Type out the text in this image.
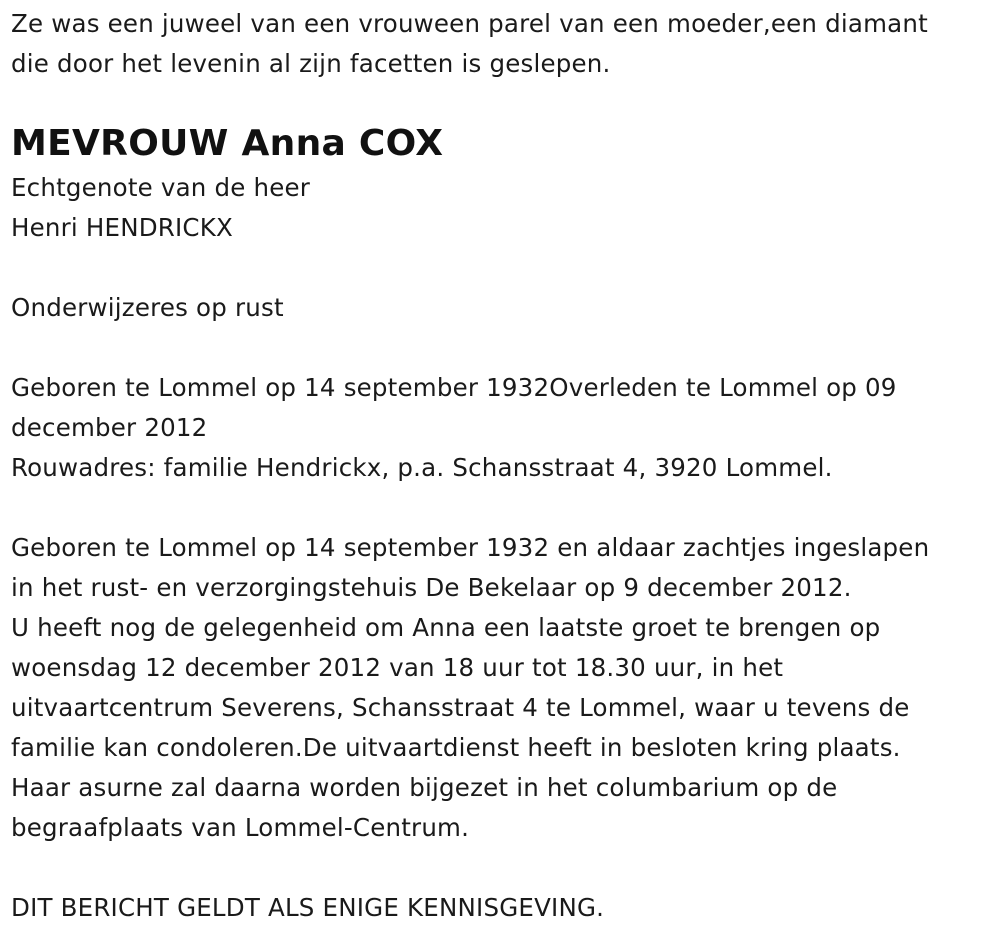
Ze was een juweel van een vrouween parel van een moeder,een diamant
die door het levenin al zijn facetten is geslepen.

MEVROUW Anna COX

Echtgenote van de heer

Henri HENDRICKX

Onderwijzeres op rust

Geboren te Lommel op 14 september 1932Overleden te Lommel op 09
december 2012

Rouwadres: familie Hendrickx, p.a. Schansstraat 4, 3920 Lommel.

Geboren te Lommel op 14 september 1932 en aldaar zachtjes ingeslapen
in het rust- en verzorgingstehuis De Bekelaar op 9 december 2012.
U heeft nog de gelegenheid om Anna een laatste groet te brengen op
woensdag 12 december 2012 van 18 uur tot 18.30 uur, in het
uitvaartcentrum Severens, Schansstraat 4 te Lommel, waar u tevens de
familie kan condoleren.De uitvaartdienst heeft in besloten kring plaats.
Haar asurne zal daarna worden bijgezet in het columbarium op de
begraafplaats van Lommel-Centrum.

DIT BERICHT GELDT ALS ENIGE KENNISGEVING.
